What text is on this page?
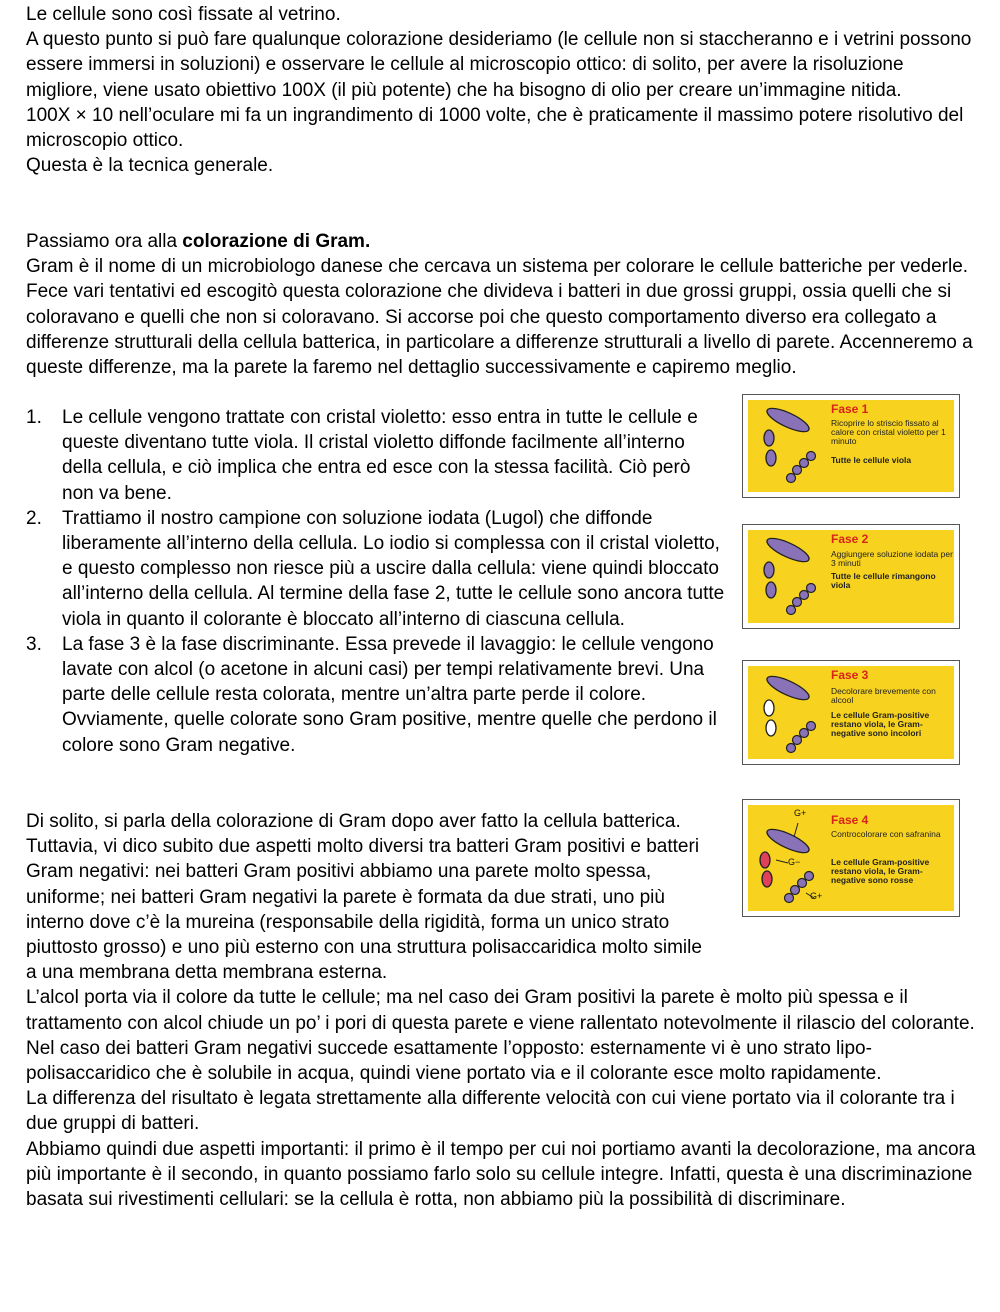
Le cellule sono così fissate al vetrino.

A questo punto si può fare qualunque colorazione desideriamo (le cellule non si staccheranno e i vetrini possono essere immersi in soluzioni) e osservare le cellule al microscopio ottico: di solito, per avere la risoluzione migliore, viene usato obiettivo 100X (il più potente) che ha bisogno di olio per creare un’immagine nitida.

100X × 10 nell’oculare mi fa un ingrandimento di 1000 volte, che è praticamente il massimo potere risolutivo del microscopio ottico.

Questa è la tecnica generale.

Passiamo ora alla colorazione di Gram.

Gram è il nome di un microbiologo danese che cercava un sistema per colorare le cellule batteriche per vederle. Fece vari tentativi ed escogitò questa colorazione che divideva i batteri in due grossi gruppi, ossia quelli che si coloravano e quelli che non si coloravano. Si accorse poi che questo comportamento diverso era collegato a differenze strutturali della cellula batterica, in particolare a differenze strutturali a livello di parete. Accenneremo a queste differenze, ma la parete la faremo nel dettaglio successivamente e capiremo meglio.

1. Le cellule vengono trattate con cristal violetto: esso entra in tutte le cellule e queste diventano tutte viola. Il cristal violetto diffonde facilmente all’interno della cellula, e ciò implica che entra ed esce con la stessa facilità. Ciò però non va bene.
2. Trattiamo il nostro campione con soluzione iodata (Lugol) che diffonde liberamente all’interno della cellula. Lo iodio si complessa con il cristal violetto, e questo complesso non riesce più a uscire dalla cellula: viene quindi bloccato all’interno della cellula. Al termine della fase 2, tutte le cellule sono ancora tutte viola in quanto il colorante è bloccato all’interno di ciascuna cellula.
3. La fase 3 è la fase discriminante. Essa prevede il lavaggio: le cellule vengono lavate con alcol (o acetone in alcuni casi) per tempi relativamente brevi. Una parte delle cellule resta colorata, mentre un’altra parte perde il colore. Ovviamente, quelle colorate sono Gram positive, mentre quelle che perdono il colore sono Gram negative.

Di solito, si parla della colorazione di Gram dopo aver fatto la cellula batterica. Tuttavia, vi dico subito due aspetti molto diversi tra batteri Gram positivi e batteri Gram negativi: nei batteri Gram positivi abbiamo una parete molto spessa, uniforme; nei batteri Gram negativi la parete è formata da due strati, uno più interno dove c’è la mureina (responsabile della rigidità, forma un unico strato piuttosto grosso) e uno più esterno con una struttura polisaccaridica molto simile a una membrana detta membrana esterna.

L’alcol porta via il colore da tutte le cellule; ma nel caso dei Gram positivi la parete è molto più spessa e il trattamento con alcol chiude un po’ i pori di questa parete e viene rallentato notevolmente il rilascio del colorante. Nel caso dei batteri Gram negativi succede esattamente l’opposto: esternamente vi è uno strato lipo-polisaccaridico che è solubile in acqua, quindi viene portato via e il colorante esce molto rapidamente.

La differenza del risultato è legata strettamente alla differente velocità con cui viene portato via il colorante tra i due gruppi di batteri.

Abbiamo quindi due aspetti importanti: il primo è il tempo per cui noi portiamo avanti la decolorazione, ma ancora più importante è il secondo, in quanto possiamo farlo solo su cellule integre. Infatti, questa è una discriminazione basata sui rivestimenti cellulari: se la cellula è rotta, non abbiamo più la possibilità di discriminare.

Fase 1
Ricoprire lo striscio fissato al calore con cristal violetto per 1 minuto
Tutte le cellule viola
Fase 2
Aggiungere soluzione iodata per 3 minuti
Tutte le cellule rimangono viola
Fase 3
Decolorare brevemente con alcool
Le cellule Gram-positive restano viola, le Gram-negative sono incolori
G+
G−
G+
Fase 4
Controcolorare con safranina
Le cellule Gram-positive restano viola, le Gram-negative sono rosse
